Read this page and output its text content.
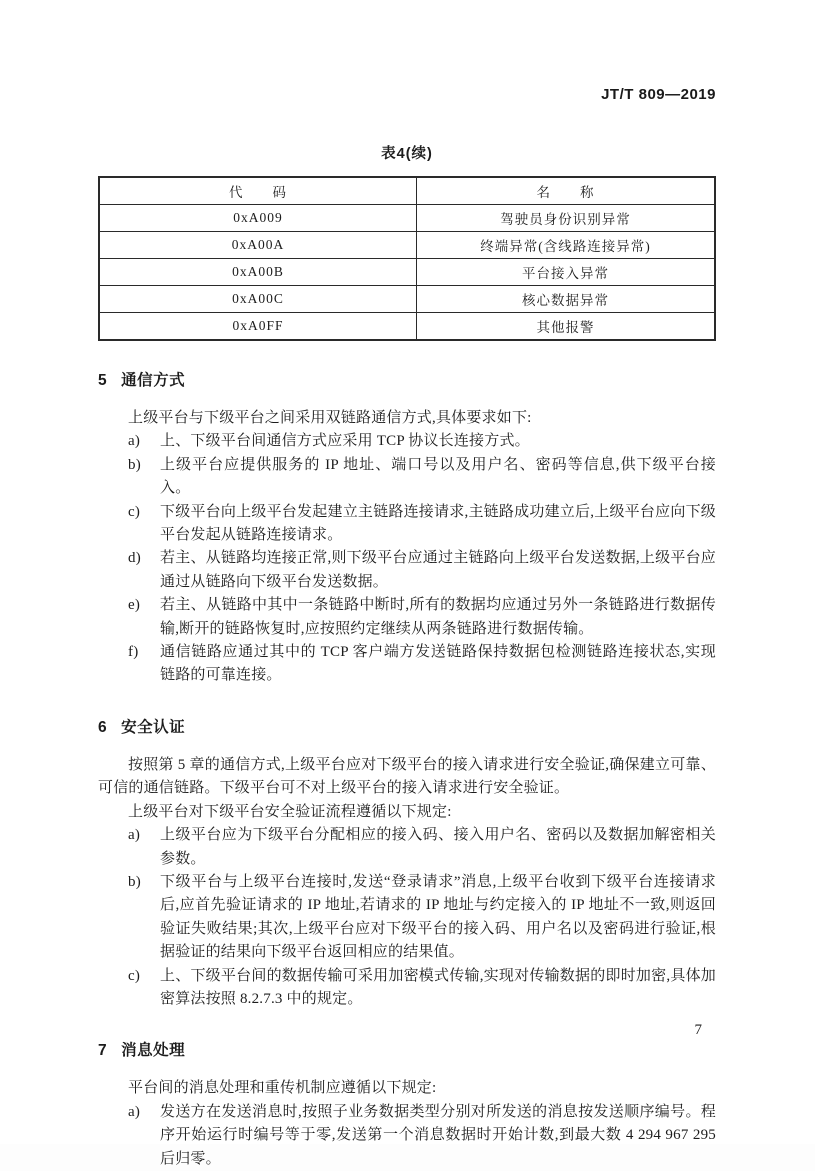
JT/T 809—2019
表4(续)
代　　码	名　　称
0xA009	驾驶员身份识别异常
0xA00A	终端异常(含线路连接异常)
0xA00B	平台接入异常
0xA00C	核心数据异常
0xA0FF	其他报警
5 通信方式

上级平台与下级平台之间采用双链路通信方式,具体要求如下:

a)	上、下级平台间通信方式应采用 TCP 协议长连接方式。
b)	上级平台应提供服务的 IP 地址、端口号以及用户名、密码等信息,供下级平台接入。
c)	下级平台向上级平台发起建立主链路连接请求,主链路成功建立后,上级平台应向下级平台发起从链路连接请求。
d)	若主、从链路均连接正常,则下级平台应通过主链路向上级平台发送数据,上级平台应通过从链路向下级平台发送数据。
e)	若主、从链路中其中一条链路中断时,所有的数据均应通过另外一条链路进行数据传输,断开的链路恢复时,应按照约定继续从两条链路进行数据传输。
f)	通信链路应通过其中的 TCP 客户端方发送链路保持数据包检测链路连接状态,实现链路的可靠连接。
6 安全认证

按照第 5 章的通信方式,上级平台应对下级平台的接入请求进行安全验证,确保建立可靠、可信的通信链路。下级平台可不对上级平台的接入请求进行安全验证。

上级平台对下级平台安全验证流程遵循以下规定:

a)	上级平台应为下级平台分配相应的接入码、接入用户名、密码以及数据加解密相关参数。
b)	下级平台与上级平台连接时,发送“登录请求”消息,上级平台收到下级平台连接请求后,应首先验证请求的 IP 地址,若请求的 IP 地址与约定接入的 IP 地址不一致,则返回验证失败结果;其次,上级平台应对下级平台的接入码、用户名以及密码进行验证,根据验证的结果向下级平台返回相应的结果值。
c)	上、下级平台间的数据传输可采用加密模式传输,实现对传输数据的即时加密,具体加密算法按照 8.2.7.3 中的规定。
7 消息处理

平台间的消息处理和重传机制应遵循以下规定:

a)	发送方在发送消息时,按照子业务数据类型分别对所发送的消息按发送顺序编号。程序开始运行时编号等于零,发送第一个消息数据时开始计数,到最大数 4 294 967 295 后归零。
7
